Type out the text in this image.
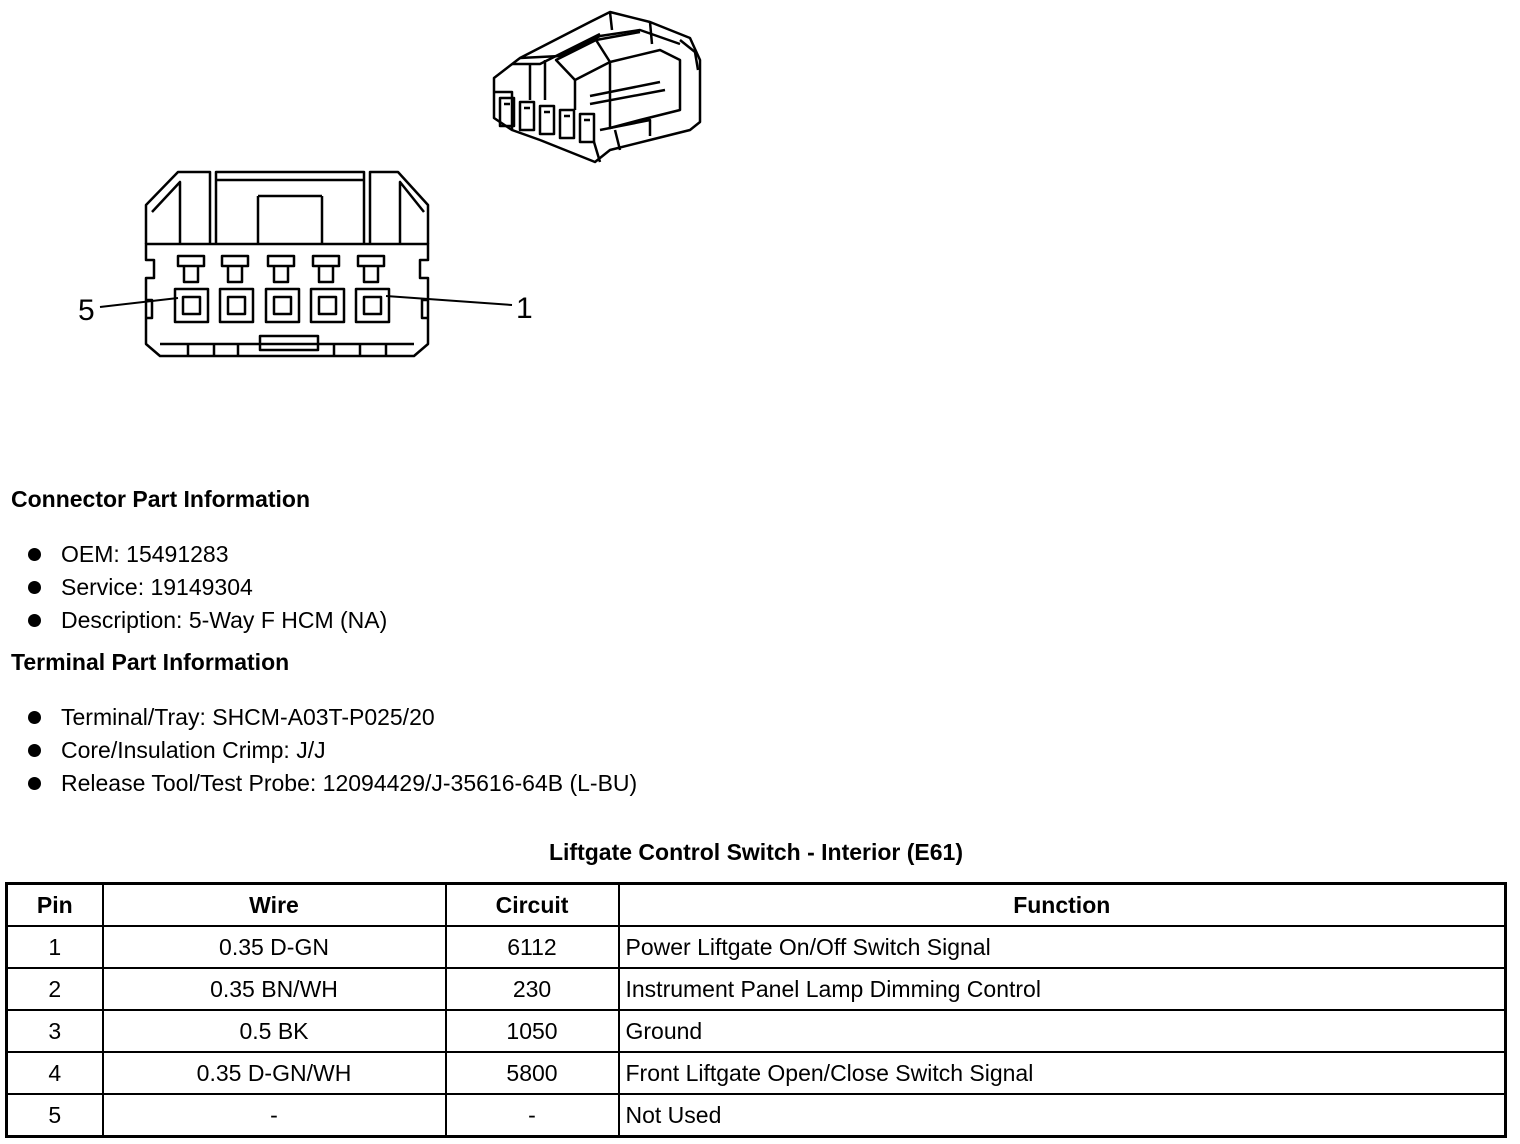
5	1
Connector Part Information
OEM: 15491283
Service: 19149304
Description: 5-Way F HCM (NA)
Terminal Part Information
Terminal/Tray: SHCM-A03T-P025/20
Core/Insulation Crimp: J/J
Release Tool/Test Probe: 12094429/J-35616-64B (L-BU)
Liftgate Control Switch - Interior (E61)
Pin	Wire	Circuit	Function
1	0.35 D-GN	6112	Power Liftgate On/Off Switch Signal
2	0.35 BN/WH	230	Instrument Panel Lamp Dimming Control
3	0.5 BK	1050	Ground
4	0.35 D-GN/WH	5800	Front Liftgate Open/Close Switch Signal
5	-	-	Not Used
